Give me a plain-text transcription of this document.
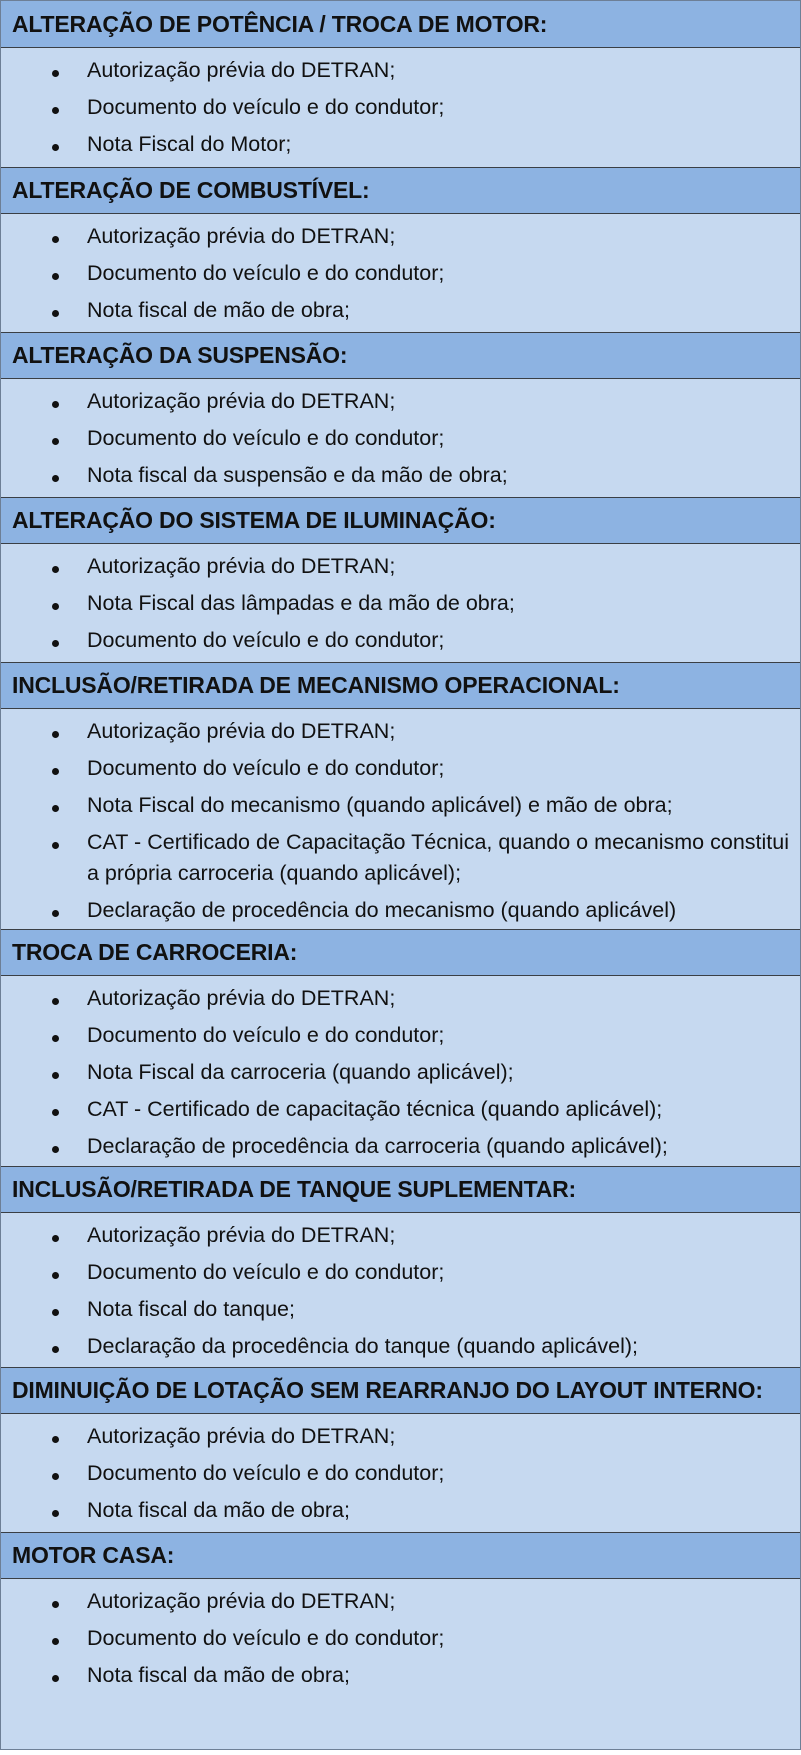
ALTERAÇÃO DE POTÊNCIA / TROCA DE MOTOR:
Autorização prévia do DETRAN;
Documento do veículo e do condutor;
Nota Fiscal do Motor;
ALTERAÇÃO DE COMBUSTÍVEL:
Autorização prévia do DETRAN;
Documento do veículo e do condutor;
Nota fiscal de mão de obra;
ALTERAÇÃO DA SUSPENSÃO:
Autorização prévia do DETRAN;
Documento do veículo e do condutor;
Nota fiscal da suspensão e da mão de obra;
ALTERAÇÃO DO SISTEMA DE ILUMINAÇÃO:
Autorização prévia do DETRAN;
Nota Fiscal das lâmpadas e da mão de obra;
Documento do veículo e do condutor;
INCLUSÃO/RETIRADA DE MECANISMO OPERACIONAL:
Autorização prévia do DETRAN;
Documento do veículo e do condutor;
Nota Fiscal do mecanismo (quando aplicável) e mão de obra;
CAT - Certificado de Capacitação Técnica, quando o mecanismo constitui a própria carroceria (quando aplicável);
Declaração de procedência do mecanismo (quando aplicável)
TROCA DE CARROCERIA:
Autorização prévia do DETRAN;
Documento do veículo e do condutor;
Nota Fiscal da carroceria (quando aplicável);
CAT - Certificado de capacitação técnica (quando aplicável);
Declaração de procedência da carroceria (quando aplicável);
INCLUSÃO/RETIRADA DE TANQUE SUPLEMENTAR:
Autorização prévia do DETRAN;
Documento do veículo e do condutor;
Nota fiscal do tanque;
Declaração da procedência do tanque (quando aplicável);
DIMINUIÇÃO DE LOTAÇÃO SEM REARRANJO DO LAYOUT INTERNO:
Autorização prévia do DETRAN;
Documento do veículo e do condutor;
Nota fiscal da mão de obra;
MOTOR CASA:
Autorização prévia do DETRAN;
Documento do veículo e do condutor;
Nota fiscal da mão de obra;
